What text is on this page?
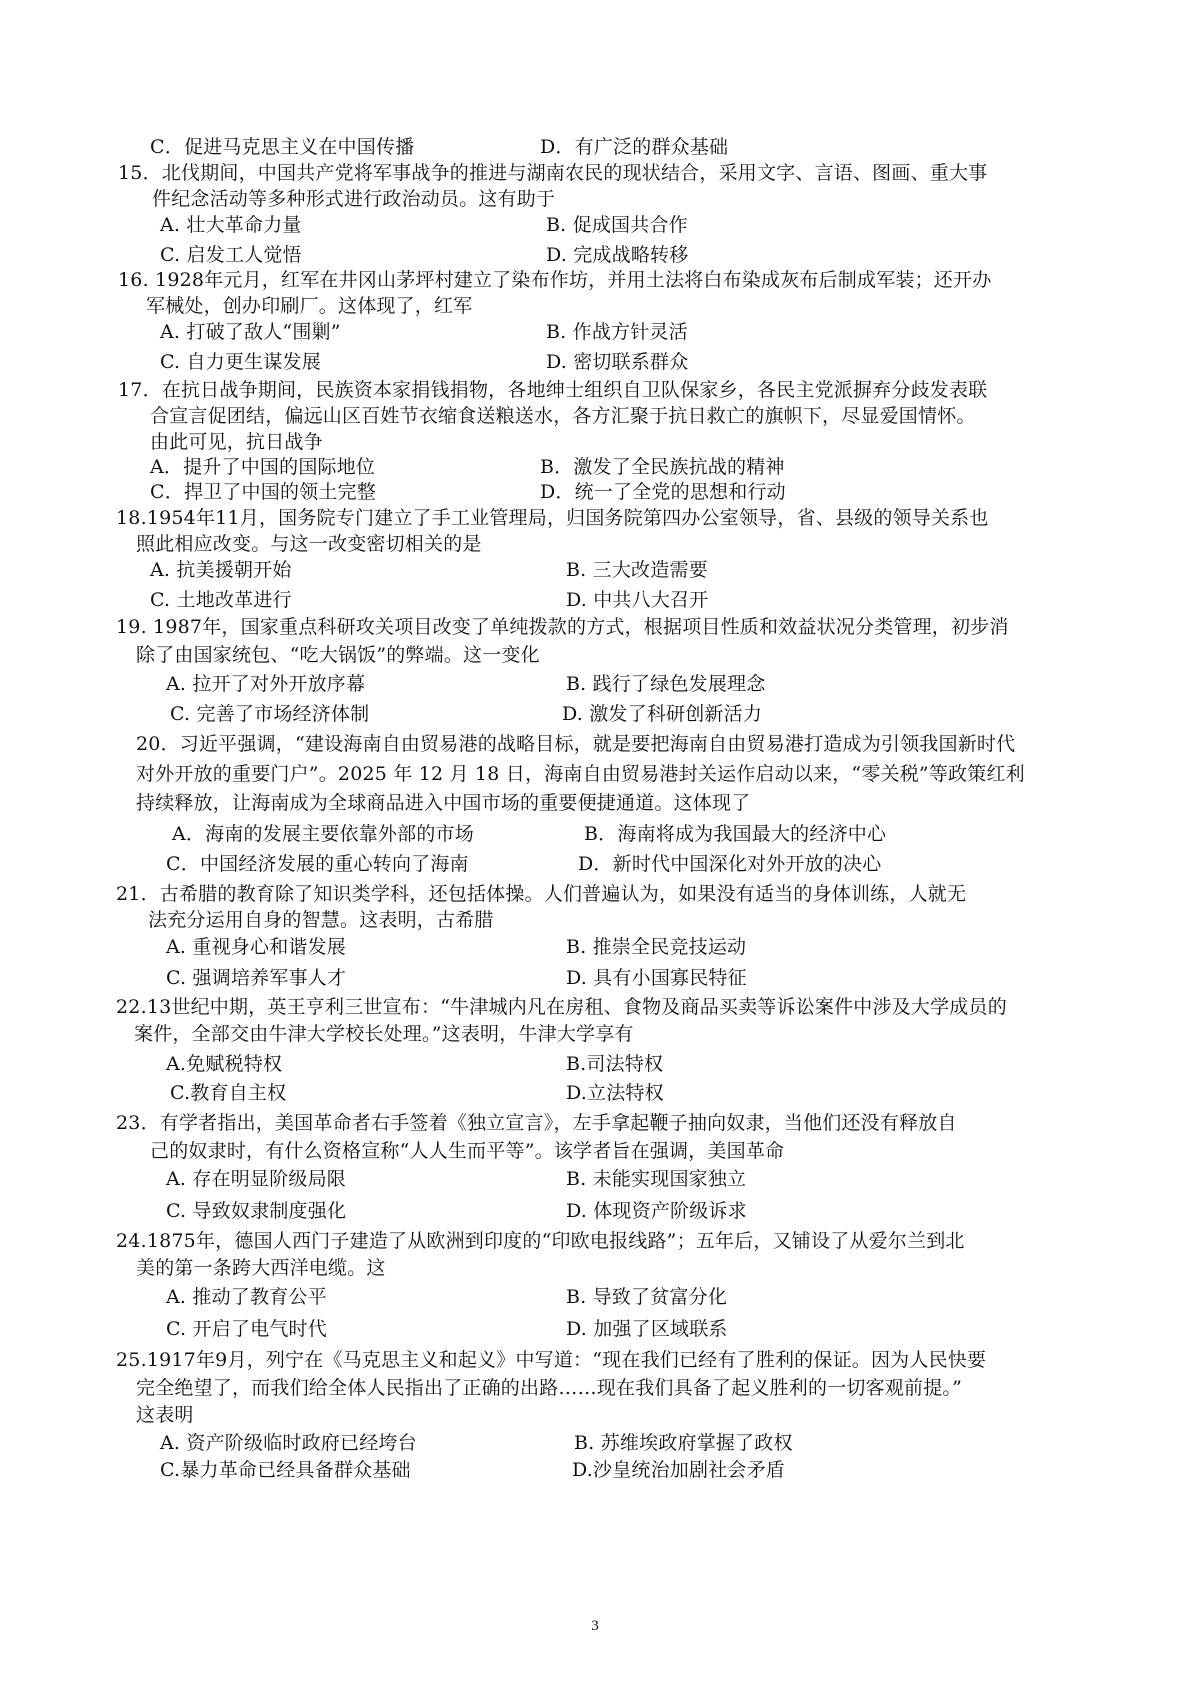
C．促进马克思主义在中国传播	D．有广泛的群众基础
15．北伐期间，中国共产党将军事战争的推进与湖南农民的现状结合，采用文字、言语、图画、重大事
件纪念活动等多种形式进行政治动员。这有助于
A. 壮大革命力量	B. 促成国共合作
C. 启发工人觉悟	D. 完成战略转移
16. 1928年元月，红军在井冈山茅坪村建立了染布作坊，并用土法将白布染成灰布后制成军装；还开办
军械处，创办印刷厂。这体现了，红军
A. 打破了敌人“围剿”	B. 作战方针灵活
C. 自力更生谋发展	D. 密切联系群众
17．在抗日战争期间，民族资本家捐钱捐物，各地绅士组织自卫队保家乡，各民主党派摒弃分歧发表联
合宣言促团结，偏远山区百姓节衣缩食送粮送水，各方汇聚于抗日救亡的旗帜下，尽显爱国情怀。
由此可见，抗日战争
A．提升了中国的国际地位	B．激发了全民族抗战的精神
C．捍卫了中国的领土完整	D．统一了全党的思想和行动
18.1954年11月，国务院专门建立了手工业管理局，归国务院第四办公室领导，省、县级的领导关系也
照此相应改变。与这一改变密切相关的是
A. 抗美援朝开始	B. 三大改造需要
C. 土地改革进行	D. 中共八大召开
19. 1987年，国家重点科研攻关项目改变了单纯拨款的方式，根据项目性质和效益状况分类管理，初步消
除了由国家统包、“吃大锅饭”的弊端。这一变化
A. 拉开了对外开放序幕	B. 践行了绿色发展理念
C. 完善了市场经济体制	D. 激发了科研创新活力
20．习近平强调，“建设海南自由贸易港的战略目标，就是要把海南自由贸易港打造成为引领我国新时代
对外开放的重要门户”。2025 年 12 月 18 日，海南自由贸易港封关运作启动以来，“零关税”等政策红利
持续释放，让海南成为全球商品进入中国市场的重要便捷通道。这体现了
A．海南的发展主要依靠外部的市场	B．海南将成为我国最大的经济中心
C．中国经济发展的重心转向了海南	D．新时代中国深化对外开放的决心
21．古希腊的教育除了知识类学科，还包括体操。人们普遍认为，如果没有适当的身体训练，人就无
法充分运用自身的智慧。这表明，古希腊
A. 重视身心和谐发展	B. 推崇全民竞技运动
C. 强调培养军事人才	D. 具有小国寡民特征
22.13世纪中期，英王亨利三世宣布：“牛津城内凡在房租、食物及商品买卖等诉讼案件中涉及大学成员的
案件，全部交由牛津大学校长处理。”这表明，牛津大学享有
A.免赋税特权	B.司法特权
C.教育自主权	D.立法特权
23．有学者指出，美国革命者右手签着《独立宣言》，左手拿起鞭子抽向奴隶，当他们还没有释放自
己的奴隶时，有什么资格宣称“人人生而平等”。该学者旨在强调，美国革命
A. 存在明显阶级局限	B. 未能实现国家独立
C. 导致奴隶制度强化	D. 体现资产阶级诉求
24.1875年，德国人西门子建造了从欧洲到印度的“印欧电报线路”；五年后，又铺设了从爱尔兰到北
美的第一条跨大西洋电缆。这
A. 推动了教育公平	B. 导致了贫富分化
C. 开启了电气时代	D. 加强了区域联系
25.1917年9月，列宁在《马克思主义和起义》中写道：“现在我们已经有了胜利的保证。因为人民快要
完全绝望了，而我们给全体人民指出了正确的出路……现在我们具备了起义胜利的一切客观前提。”
这表明
A. 资产阶级临时政府已经垮台	B. 苏维埃政府掌握了政权
C.暴力革命已经具备群众基础	D.沙皇统治加剧社会矛盾
3
